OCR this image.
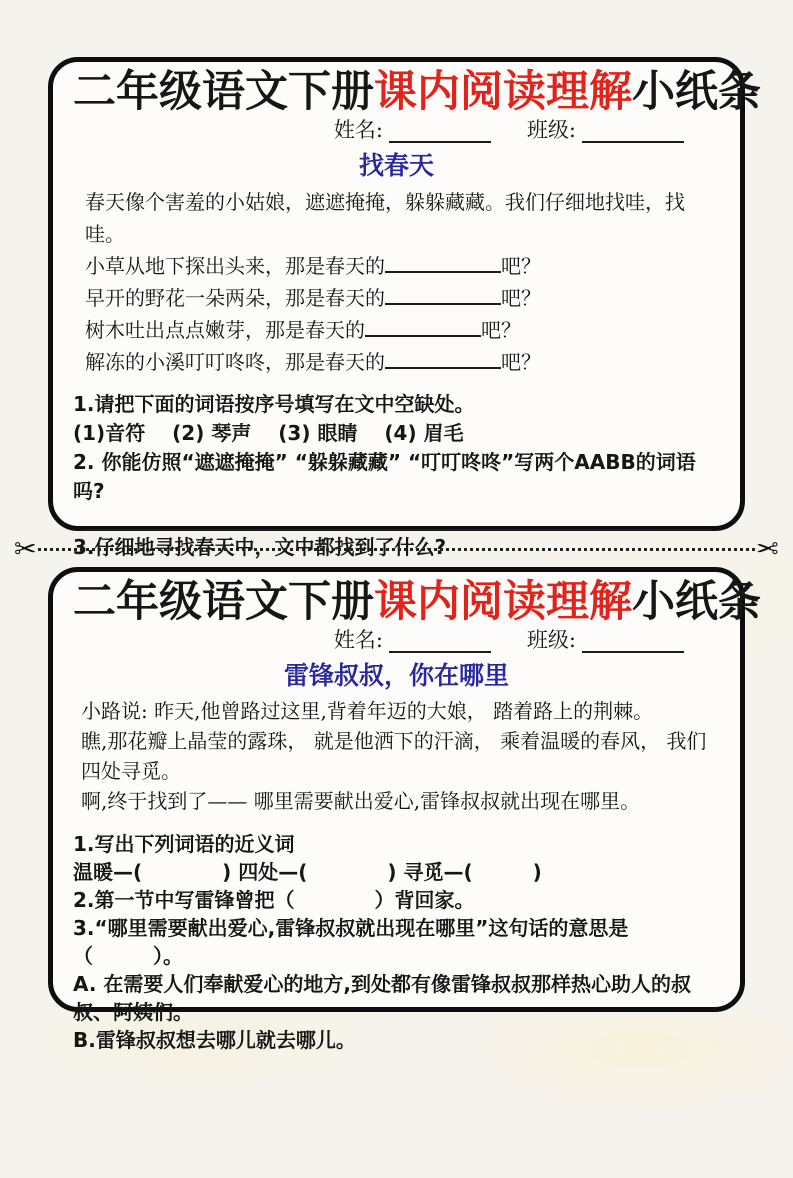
二年级语文下册课内阅读理解小纸条
姓名:	班级:
找春天

春天像个害羞的小姑娘，遮遮掩掩，躲躲藏藏。我们仔细地找哇，找哇。

小草从地下探出头来，那是春天的	吧？

早开的野花一朵两朵，那是春天的	吧？

树木吐出点点嫩芽，那是春天的	吧？

解冻的小溪叮叮咚咚，那是春天的	吧？

1.请把下面的词语按序号填写在文中空缺处。

(1)音符　 (2) 琴声　 (3) 眼睛　 (4) 眉毛

2. 你能仿照“遮遮掩掩” “躲躲藏藏” “叮叮咚咚”写两个AABB的词语吗?

3.仔细地寻找春天中，文中都找到了什么?

✂	✂
二年级语文下册课内阅读理解小纸条
姓名:	班级:
雷锋叔叔，你在哪里

小路说: 昨天,他曾路过这里,背着年迈的大娘， 踏着路上的荆棘。

瞧,那花瓣上晶莹的露珠， 就是他洒下的汗滴， 乘着温暖的春风， 我们四处寻觅。

啊,终于找到了—— 哪里需要献出爱心,雷锋叔叔就出现在哪里。

1.写出下列词语的近义词

温暖—(　　　　) 四处—(　　　　) 寻觅—(　　　)

2.第一节中写雷锋曾把（　　　　）背回家。

3.“哪里需要献出爱心,雷锋叔叔就出现在哪里”这句话的意思是（　　　）。

A. 在需要人们奉献爱心的地方,到处都有像雷锋叔叔那样热心助人的叔叔、阿姨们。

B.雷锋叔叔想去哪儿就去哪儿。
